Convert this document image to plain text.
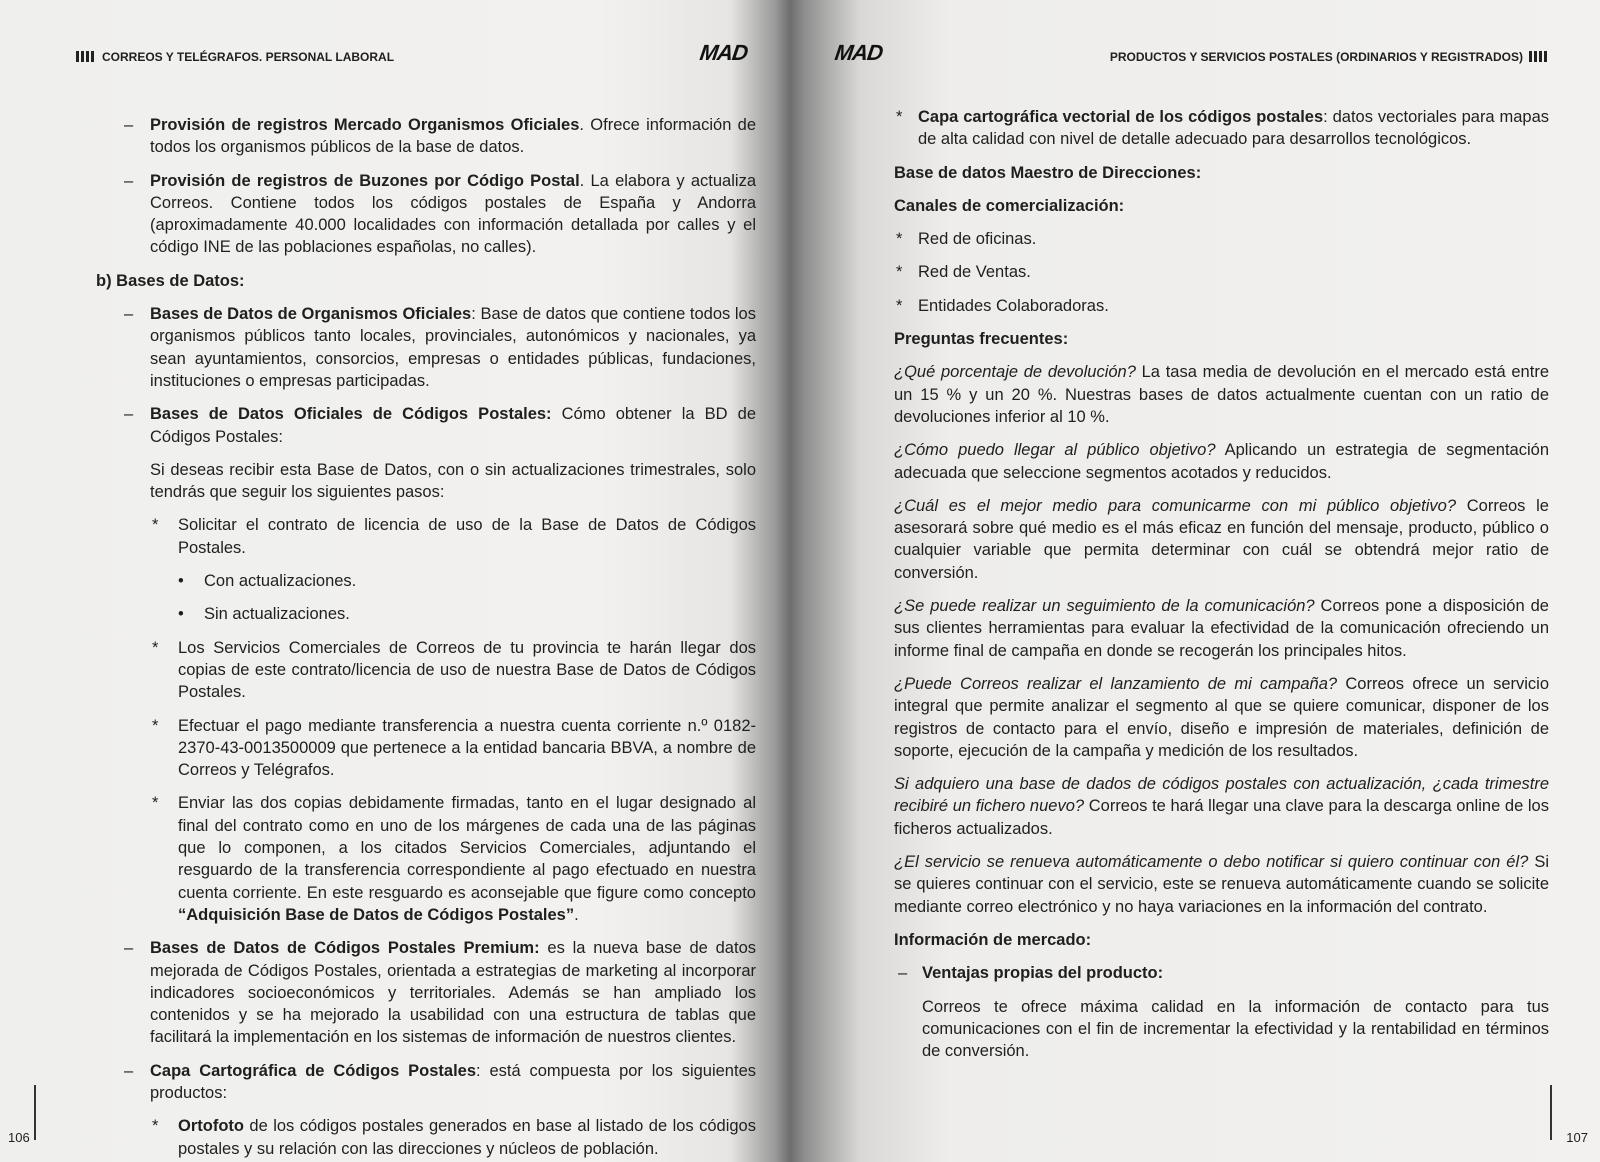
CORREOS Y TELÉGRAFOS. PERSONAL LABORAL	MAD

– Provisión de registros Mercado Organismos Oficiales. Ofrece información de todos los organismos públicos de la base de datos.

– Provisión de registros de Buzones por Código Postal. La elabora y actualiza Correos. Contiene todos los códigos postales de España y Andorra (aproximadamente 40.000 localidades con información detallada por calles y el código INE de las poblaciones españolas, no calles).

b) Bases de Datos:

– Bases de Datos de Organismos Oficiales: Base de datos que contiene todos los organismos públicos tanto locales, provinciales, autonómicos y nacionales, ya sean ayuntamientos, consorcios, empresas o entidades públicas, fundaciones, instituciones o empresas participadas.

– Bases de Datos Oficiales de Códigos Postales: Cómo obtener la BD de Códigos Postales:

Si deseas recibir esta Base de Datos, con o sin actualizaciones trimestrales, solo tendrás que seguir los siguientes pasos:

* Solicitar el contrato de licencia de uso de la Base de Datos de Códigos Postales.

• Con actualizaciones.

• Sin actualizaciones.

* Los Servicios Comerciales de Correos de tu provincia te harán llegar dos copias de este contrato/licencia de uso de nuestra Base de Datos de Códigos Postales.

* Efectuar el pago mediante transferencia a nuestra cuenta corriente n.º 0182-2370-43-0013500009 que pertenece a la entidad bancaria BBVA, a nombre de Correos y Telégrafos.

* Enviar las dos copias debidamente firmadas, tanto en el lugar designado al final del contrato como en uno de los márgenes de cada una de las páginas que lo componen, a los citados Servicios Comerciales, adjuntando el resguardo de la transferencia correspondiente al pago efectuado en nuestra cuenta corriente. En este resguardo es aconsejable que figure como concepto “Adquisición Base de Datos de Códigos Postales”.

– Bases de Datos de Códigos Postales Premium: es la nueva base de datos mejorada de Códigos Postales, orientada a estrategias de marketing al incorporar indicadores socioeconómicos y territoriales. Además se han ampliado los contenidos y se ha mejorado la usabilidad con una estructura de tablas que facilitará la implementación en los sistemas de información de nuestros clientes.

– Capa Cartográfica de Códigos Postales: está compuesta por los siguientes productos:

* Ortofoto de los códigos postales generados en base al listado de los códigos postales y su relación con las direcciones y núcleos de población.

106
MAD	PRODUCTOS Y SERVICIOS POSTALES (ORDINARIOS Y REGISTRADOS)

* Capa cartográfica vectorial de los códigos postales: datos vectoriales para mapas de alta calidad con nivel de detalle adecuado para desarrollos tecnológicos.

Base de datos Maestro de Direcciones:

Canales de comercialización:

* Red de oficinas.

* Red de Ventas.

* Entidades Colaboradoras.

Preguntas frecuentes:

¿Qué porcentaje de devolución? La tasa media de devolución en el mercado está entre un 15 % y un 20 %. Nuestras bases de datos actualmente cuentan con un ratio de devoluciones inferior al 10 %.

¿Cómo puedo llegar al público objetivo? Aplicando un estrategia de segmentación adecuada que seleccione segmentos acotados y reducidos.

¿Cuál es el mejor medio para comunicarme con mi público objetivo? Correos le asesorará sobre qué medio es el más eficaz en función del mensaje, producto, público o cualquier variable que permita determinar con cuál se obtendrá mejor ratio de conversión.

¿Se puede realizar un seguimiento de la comunicación? Correos pone a disposición de sus clientes herramientas para evaluar la efectividad de la comunicación ofreciendo un informe final de campaña en donde se recogerán los principales hitos.

¿Puede Correos realizar el lanzamiento de mi campaña? Correos ofrece un servicio integral que permite analizar el segmento al que se quiere comunicar, disponer de los registros de contacto para el envío, diseño e impresión de materiales, definición de soporte, ejecución de la campaña y medición de los resultados.

Si adquiero una base de dados de códigos postales con actualización, ¿cada trimestre recibiré un fichero nuevo? Correos te hará llegar una clave para la descarga online de los ficheros actualizados.

¿El servicio se renueva automáticamente o debo notificar si quiero continuar con él? Si se quieres continuar con el servicio, este se renueva automáticamente cuando se solicite mediante correo electrónico y no haya variaciones en la información del contrato.

Información de mercado:

– Ventajas propias del producto:

Correos te ofrece máxima calidad en la información de contacto para tus comunicaciones con el fin de incrementar la efectividad y la rentabilidad en términos de conversión.

107
